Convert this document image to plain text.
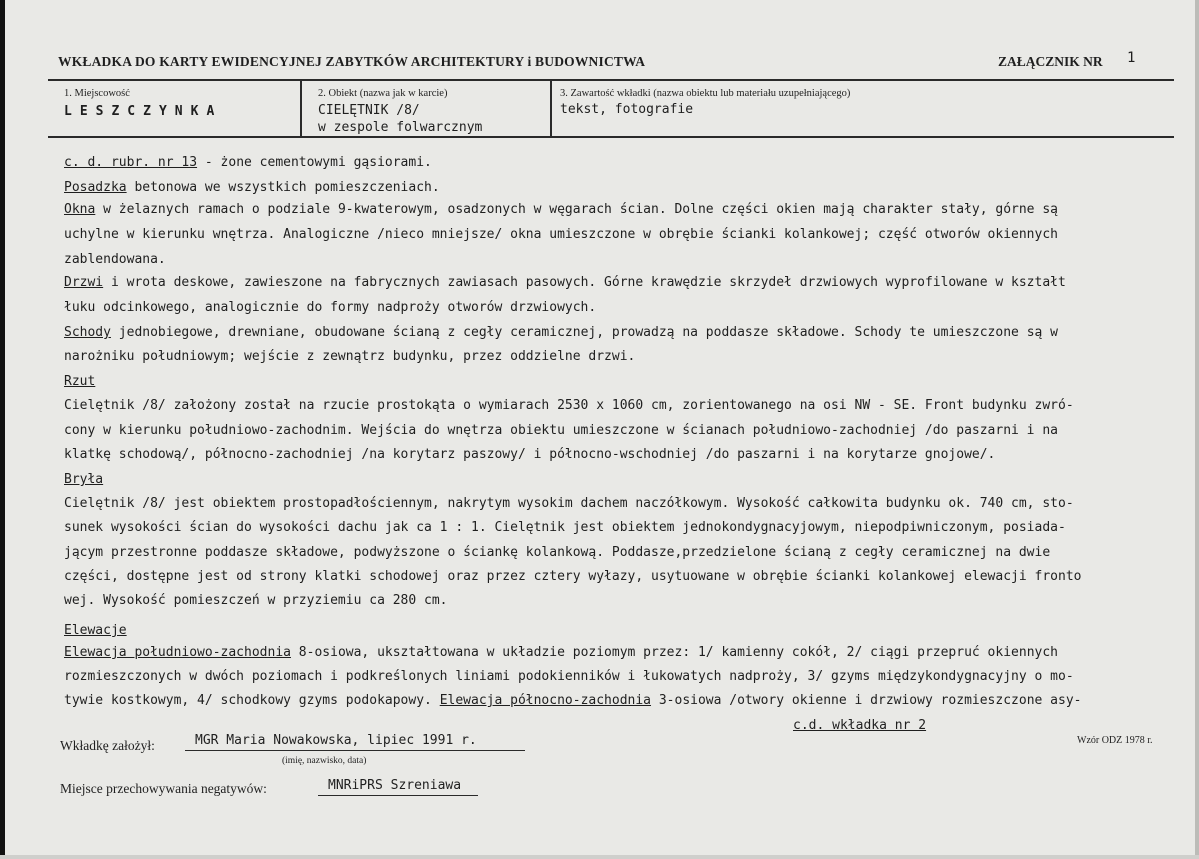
WKŁADKA DO KARTY EWIDENCYJNEJ ZABYTKÓW ARCHITEKTURY i BUDOWNICTWA	ZAŁĄCZNIK NR 1
1. Miejscowość
LESZCZYNKA
2. Obiekt (nazwa jak w karcie)
CIELĘTNIK /8/
w zespole folwarcznym
3. Zawartość wkładki (nazwa obiektu lub materiału uzupełniającego)
tekst, fotografie
c. d. rubr. nr 13 - żone cementowymi gąsiorami.
Posadzka betonowa we wszystkich pomieszczeniach.
Okna w żelaznych ramach o podziale 9-kwaterowym, osadzonych w węgarach ścian. Dolne części okien mają charakter stały, górne są
uchylne w kierunku wnętrza. Analogiczne /nieco mniejsze/ okna umieszczone w obrębie ścianki kolankowej; część otworów okiennych
zablendowana.
Drzwi i wrota deskowe, zawieszone na fabrycznych zawiasach pasowych. Górne krawędzie skrzydeł drzwiowych wyprofilowane w kształt
łuku odcinkowego, analogicznie do formy nadproży otworów drzwiowych.
Schody jednobiegowe, drewniane, obudowane ścianą z cegły ceramicznej, prowadzą na poddasze składowe. Schody te umieszczone są w
narożniku południowym; wejście z zewnątrz budynku, przez oddzielne drzwi.
Rzut
Cielętnik /8/ założony został na rzucie prostokąta o wymiarach 2530 x 1060 cm, zorientowanego na osi NW - SE. Front budynku zwró-
cony w kierunku południowo-zachodnim. Wejścia do wnętrza obiektu umieszczone w ścianach południowo-zachodniej /do paszarni i na
klatkę schodową/, północno-zachodniej /na korytarz paszowy/ i północno-wschodniej /do paszarni i na korytarze gnojowe/.
Bryła
Cielętnik /8/ jest obiektem prostopadłościennym, nakrytym wysokim dachem naczółkowym. Wysokość całkowita budynku ok. 740 cm, sto-
sunek wysokości ścian do wysokości dachu jak ca 1 : 1. Cielętnik jest obiektem jednokondygnacyjowym, niepodpiwniczonym, posiada-
jącym przestronne poddasze składowe, podwyższone o ściankę kolankową. Poddasze,przedzielone ścianą z cegły ceramicznej na dwie
części, dostępne jest od strony klatki schodowej oraz przez cztery wyłazy, usytuowane w obrębie ścianki kolankowej elewacji fronto
wej. Wysokość pomieszczeń w przyziemiu ca 280 cm.
Elewacje
Elewacja południowo-zachodnia 8-osiowa, ukształtowana w układzie poziomym przez: 1/ kamienny cokół, 2/ ciągi przepruć okiennych
rozmieszczonych w dwóch poziomach i podkreślonych liniami podokienników i łukowatych nadproży, 3/ gzyms międzykondygnacyjny o mo-
tywie kostkowym, 4/ schodkowy gzyms podokapowy. Elewacja północno-zachodnia 3-osiowa /otwory okienne i drzwiowy rozmieszczone asy-
c.d. wkładka nr 2
Wkładkę założył:	MGR Maria Nowakowska, lipiec 1991 r.
(imię, nazwisko, data)
Wzór ODZ 1978 r.
Miejsce przechowywania negatywów:	MNRiPRS Szreniawa
